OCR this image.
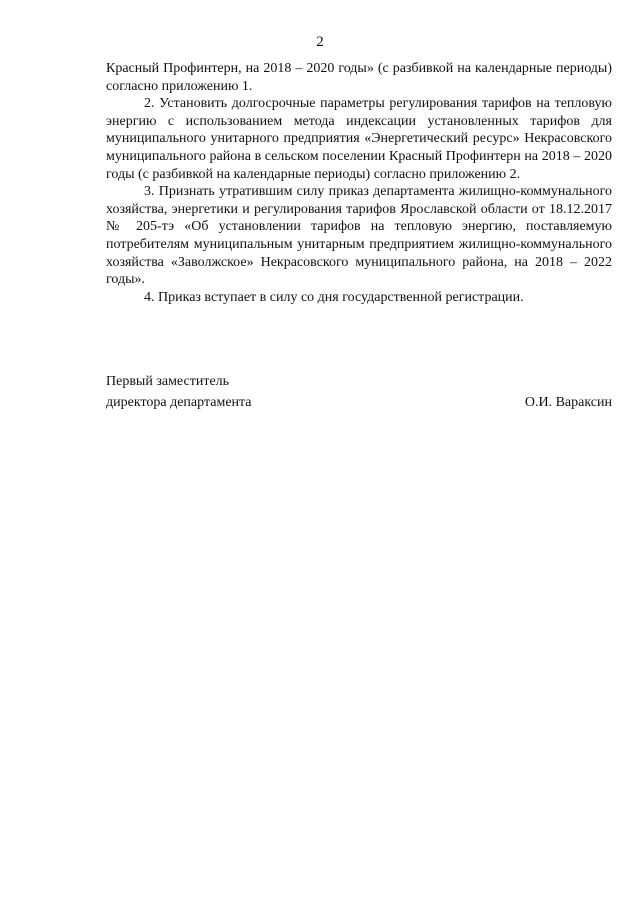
2

Красный Профинтерн, на 2018 – 2020 годы» (с разбивкой на календарные периоды) согласно приложению 1.

2. Установить долгосрочные параметры регулирования тарифов на тепловую энергию с использованием метода индексации установленных тарифов для муниципального унитарного предприятия «Энергетический ресурс» Некрасовского муниципального района в сельском поселении Красный Профинтерн на 2018 – 2020 годы (с разбивкой на календарные периоды) согласно приложению 2.

3. Признать утратившим силу приказ департамента жилищно-коммунального хозяйства, энергетики и регулирования тарифов Ярославской области от 18.12.2017 № 205-тэ «Об установлении тарифов на тепловую энергию, поставляемую потребителям муниципальным унитарным предприятием жилищно-коммунального хозяйства «Заволжское» Некрасовского муниципального района, на 2018 – 2022 годы».

4. Приказ вступает в силу со дня государственной регистрации.

Первый заместитель
директора департамента	О.И. Вараксин
